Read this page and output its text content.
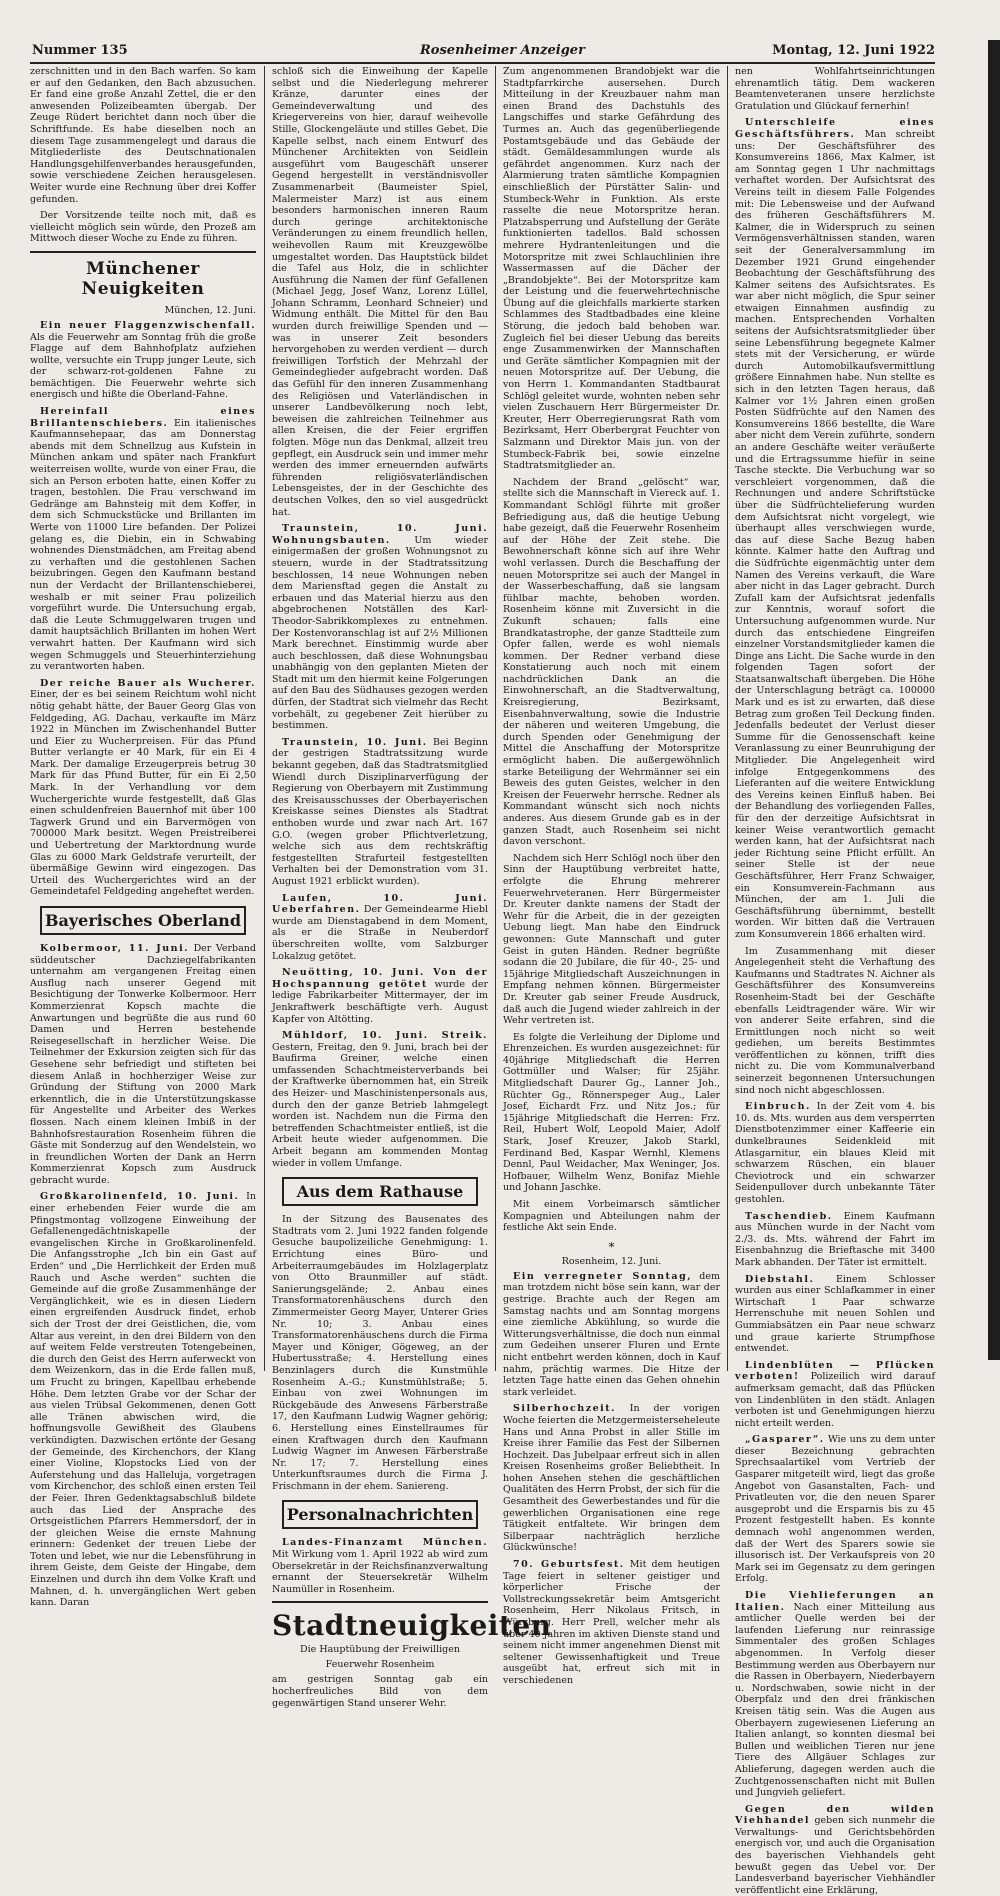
Nummer 135	Rosenheimer Anzeiger	Montag, 12. Juni 1922

zerschnitten und in den Bach warfen. So kam er auf den Gedanken, den Bach abzusuchen. Er fand eine große Anzahl Zettel, die er den anwesenden Polizeibeamten übergab. Der Zeuge Rüdert berichtet dann noch über die Schriftfunde. Es habe dieselben noch an diesem Tage zusammengelegt und daraus die Mitgliederliste des Deutschnationalen Handlungsgehilfenverbandes herausgefunden, sowie verschiedene Zeichen herausgelesen. Weiter wurde eine Rechnung über drei Koffer gefunden.

Der Vorsitzende teilte noch mit, daß es vielleicht möglich sein würde, den Prozeß am Mittwoch dieser Woche zu Ende zu führen.

Münchener Neuigkeiten
München, 12. Juni.

Ein neuer Flaggenzwischenfall. Als die Feuerwehr am Sonntag früh die große Flagge auf dem Bahnhofplatz aufziehen wollte, versuchte ein Trupp junger Leute, sich der schwarz-rot-goldenen Fahne zu bemächtigen. Die Feuerwehr wehrte sich energisch und hißte die Oberland-Fahne.

Hereinfall eines Brillantenschiebers. Ein italienisches Kaufmannsehepaar, das am Donnerstag abends mit dem Schnellzug aus Kufstein in München ankam und später nach Frankfurt weiterreisen wollte, wurde von einer Frau, die sich an Person erboten hatte, einen Koffer zu tragen, bestohlen. Die Frau verschwand im Gedränge am Bahnsteig mit dem Koffer, in dem sich Schmuckstücke und Brillanten im Werte von 11000 Lire befanden. Der Polizei gelang es, die Diebin, ein in Schwabing wohnendes Dienstmädchen, am Freitag abend zu verhaften und die gestohlenen Sachen beizubringen. Gegen den Kaufmann bestand nun der Verdacht der Brillantenschieberei, weshalb er mit seiner Frau polizeilich vorgeführt wurde. Die Untersuchung ergab, daß die Leute Schmuggelwaren trugen und damit hauptsächlich Brillanten im hohen Wert verwahrt hatten. Der Kaufmann wird sich wegen Schmuggels und Steuerhinterziehung zu verantworten haben.

Der reiche Bauer als Wucherer. Einer, der es bei seinem Reichtum wohl nicht nötig gehabt hätte, der Bauer Georg Glas von Feldgeding, AG. Dachau, verkaufte im März 1922 in München im Zwischenhandel Butter und Eier zu Wucherpreisen. Für das Pfund Butter verlangte er 40 Mark, für ein Ei 4 Mark. Der damalige Erzeugerpreis betrug 30 Mark für das Pfund Butter, für ein Ei 2,50 Mark. In der Verhandlung vor dem Wuchergerichte wurde festgestellt, daß Glas einen schuldenfreien Bauernhof mit über 100 Tagwerk Grund und ein Barvermögen von 700000 Mark besitzt. Wegen Preistreiberei und Uebertretung der Marktordnung wurde Glas zu 6000 Mark Geldstrafe verurteilt, der übermäßige Gewinn wird eingezogen. Das Urteil des Wuchergerichtes wird an der Gemeindetafel Feldgeding angeheftet werden.

Bayerisches Oberland

Kolbermoor, 11. Juni. Der Verband süddeutscher Dachziegelfabrikanten unternahm am vergangenen Freitag einen Ausflug nach unserer Gegend mit Besichtigung der Tonwerke Kolbermoor. Herr Kommerzienrat Kopsch machte die Anwartungen und begrüßte die aus rund 60 Damen und Herren bestehende Reisegesellschaft in herzlicher Weise. Die Teilnehmer der Exkursion zeigten sich für das Gesehene sehr befriedigt und stifteten bei diesem Anlaß in hochherziger Weise zur Gründung der Stiftung von 2000 Mark erkenntlich, die in die Unterstützungskasse für Angestellte und Arbeiter des Werkes flossen. Nach einem kleinen Imbiß in der Bahnhofsrestauration Rosenheim führen die Gäste mit Sonderzug auf den Wendelstein, wo in freundlichen Worten der Dank an Herrn Kommerzienrat Kopsch zum Ausdruck gebracht wurde.

Großkarolinenfeld, 10. Juni. In einer erhebenden Feier wurde die am Pfingstmontag vollzogene Einweihung der Gefallenengedächtniskapelle der evangelischen Kirche in Großkarolinenfeld. Die Anfangsstrophe „Ich bin ein Gast auf Erden“ und „Die Herrlichkeit der Erden muß Rauch und Asche werden“ suchten die Gemeinde auf die große Zusammenhänge der Vergänglichkeit, wie es in diesen Liedern einen ergreifenden Ausdruck findet, erhob sich der Trost der drei Geistlichen, die, vom Altar aus vereint, in den drei Bildern von den auf weitem Felde verstreuten Totengebeinen, die durch den Geist des Herrn auferweckt von dem Weizenkorn, das in die Erde fallen muß, um Frucht zu bringen, Kapellbau erhebende Höhe. Dem letzten Grabe vor der Schar der aus vielen Trübsal Gekommenen, denen Gott alle Tränen abwischen wird, die hoffnungsvolle Gewißheit des Glaubens verkündigten. Dazwischen ertönte der Gesang der Gemeinde, des Kirchenchors, der Klang einer Violine, Klopstocks Lied von der Auferstehung und das Halleluja, vorgetragen vom Kirchenchor, des schloß einen ersten Teil der Feier. Ihren Gedenktagsabschluß bildete auch das Lied der Ansprache des Ortsgeistlichen Pfarrers Hemmersdorf, der in der gleichen Weise die ernste Mahnung erinnern: Gedenket der treuen Liebe der Toten und lebet, wie nur die Lebensführung in ihrem Geiste, dem Geiste der Hingabe, dem Einzelnen und durch ihn dem Volke Kraft und Mahnen, d. h. unvergänglichen Wert geben kann. Daran

schloß sich die Einweihung der Kapelle selbst und die Niederlegung mehrerer Kränze, darunter eines der Gemeindeverwaltung und des Kriegervereins von hier, darauf weihevolle Stille, Glockengeläute und stilles Gebet. Die Kapelle selbst, nach einem Entwurf des Münchener Architekten von Seidlein ausgeführt vom Baugeschäft unserer Gegend hergestellt in verständnisvoller Zusammenarbeit (Baumeister Spiel, Malermeister Marz) ist aus einem besonders harmonischen inneren Raum durch geringe architektonische Veränderungen zu einem freundlich hellen, weihevollen Raum mit Kreuzgewölbe umgestaltet worden. Das Hauptstück bildet die Tafel aus Holz, die in schlichter Ausführung die Namen der fünf Gefallenen (Michael Jegg, Josef Wanz, Lorenz Lüllel, Johann Schramm, Leonhard Schneier) und Widmung enthält. Die Mittel für den Bau wurden durch freiwillige Spenden und — was in unserer Zeit besonders hervorgehoben zu werden verdient — durch freiwilligen Torfstich der Mehrzahl der Gemeindeglieder aufgebracht worden. Daß das Gefühl für den inneren Zusammenhang des Religiösen und Vaterländischen in unserer Landbevölkerung noch lebt, beweisen die zahlreichen Teilnehmer aus allen Kreisen, die der Feier ergriffen folgten. Möge nun das Denkmal, allzeit treu gepflegt, ein Ausdruck sein und immer mehr werden des immer erneuernden aufwärts führenden religiösvaterländischen Lebensgeistes, der in der Geschichte des deutschen Volkes, den so viel ausgedrückt hat.

Traunstein, 10. Juni. Wohnungsbauten. Um wieder einigermaßen der großen Wohnungsnot zu steuern, wurde in der Stadtratssitzung beschlossen, 14 neue Wohnungen neben dem Mariensftad gegen die Anstalt zu erbauen und das Material hierzu aus den abgebrochenen Notställen des Karl-Theodor-Sabrikkomplexes zu entnehmen. Der Kostenvoranschlag ist auf 2½ Millionen Mark berechnet. Einstimmig wurde aber auch beschlossen, daß diese Wohnungsbau unabhängig von den geplanten Mieten der Stadt mit um den hiermit keine Folgerungen auf den Bau des Südhauses gezogen werden dürfen, der Stadtrat sich vielmehr das Recht vorbehält, zu gegebener Zeit hierüber zu bestimmen.

Traunstein, 10. Juni. Bei Beginn der gestrigen Stadtratssitzung wurde bekannt gegeben, daß das Stadtratsmitglied Wiendl durch Disziplinarverfügung der Regierung von Oberbayern mit Zustimmung des Kreisausschusses der Oberbayerischen Kreiskasse seines Dienstes als Stadtrat enthoben wurde und zwar nach Art. 167 G.O. (wegen grober Pflichtverletzung, welche sich aus dem rechtskräftig festgestellten Strafurteil festgestellten Verhalten bei der Demonstration vom 31. August 1921 erblickt wurden).

Laufen, 10. Juni. Ueberfahren. Der Gemeindearme Hiebl wurde am Dienstagabend in dem Moment, als er die Straße in Neuberdorf überschreiten wollte, vom Salzburger Lokalzug getötet.

Neuötting, 10. Juni. Von der Hochspannung getötet wurde der ledige Fabrikarbeiter Mittermayer, der im Jenkraftwerk beschäftigte verh. August Kapfer von Altötting.

Mühldorf, 10. Juni. Streik. Gestern, Freitag, den 9. Juni, brach bei der Baufirma Greiner, welche einen umfassenden Schachtmeisterverbands bei der Kraftwerke übernommen hat, ein Streik des Heizer- und Maschinistenpersonals aus, durch den der ganze Betrieb lahmgelegt worden ist. Nachdem nun die Firma den betreffenden Schachtmeister entließ, ist die Arbeit heute wieder aufgenommen. Die Arbeit begann am kommenden Montag wieder in vollem Umfange.

Aus dem Rathause

In der Sitzung des Bausenates des Stadtrats vom 2. Juni 1922 fanden folgende Gesuche baupolizeiliche Genehmigung: 1. Errichtung eines Büro- und Arbeiterraumgebäudes im Holzlagerplatz von Otto Braunmiller auf städt. Sanierungsgelände; 2. Anbau eines Transformatorenhäuschens durch den Zimmermeister Georg Mayer, Unterer Gries Nr. 10; 3. Anbau eines Transformatorenhäuschens durch die Firma Mayer und Königer, Gögeweg, an der Hubertusstraße; 4. Herstellung eines Benzinlagers durch die Kunstmühle Rosenheim A.-G.; Kunstmühlstraße; 5. Einbau von zwei Wohnungen im Rückgebäude des Anwesens Färberstraße 17, den Kaufmann Ludwig Wagner gehörig; 6. Herstellung eines Einstellraumes für einen Kraftwagen durch den Kaufmann Ludwig Wagner im Anwesen Färberstraße Nr. 17; 7. Herstellung eines Unterkunftsraumes durch die Firma J. Frischmann in der ehem. Saniereng.

Personalnachrichten

Landes-Finanzamt München. Mit Wirkung vom 1. April 1922 ab wird zum Obersekretär in der Reichsfinanzverwaltung ernannt der Steuersekretär Wilhelm Naumüller in Rosenheim.

Stadtneuigkeiten
Die Hauptübung der Freiwilligen
Feuerwehr Rosenheim

am gestrigen Sonntag gab ein hocherfreuliches Bild von dem gegenwärtigen Stand unserer Wehr.

Zum angenommenen Brandobjekt war die Stadtpfarrkirche ausersehen. Durch Mitteilung in der Kreuzbauer nahm man einen Brand des Dachstuhls des Langschiffes und starke Gefährdung des Turmes an. Auch das gegenüberliegende Postamtsgebäude und das Gebäude der städt. Gemäldesammlungen wurde als gefährdet angenommen. Kurz nach der Alarmierung traten sämtliche Kompagnien einschließlich der Pürstätter Salin- und Stumbeck-Wehr in Funktion. Als erste rasselte die neue Motorspritze heran. Platzabsperrung und Aufstellung der Geräte funktionierten tadellos. Bald schossen mehrere Hydrantenleitungen und die Motorspritze mit zwei Schlauchlinien ihre Wassermassen auf die Dächer der „Brandobjekte“. Bei der Motorspritze kam der Leistung und die feuerwehrtechnische Übung auf die gleichfalls markierte starken Schlammes des Stadtbadbades eine kleine Störung, die jedoch bald behoben war. Zugleich fiel bei dieser Uebung das bereits enge Zusammenwirken der Mannschaften und Geräte sämtlicher Kompagnien mit der neuen Motorspritze auf. Der Uebung, die von Herrn 1. Kommandanten Stadtbaurat Schlögl geleitet wurde, wohnten neben sehr vielen Zuschauern Herr Bürgermeister Dr. Kreuter, Herr Oberregierungsrat Rath vom Bezirksamt, Herr Oberbergrat Feuchter von Salzmann und Direktor Mais jun. von der Stumbeck-Fabrik bei, sowie einzelne Stadtratsmitglieder an.

Nachdem der Brand „gelöscht“ war, stellte sich die Mannschaft in Viereck auf. 1. Kommandant Schlögl führte mit großer Befriedigung aus, daß die heutige Uebung habe gezeigt, daß die Feuerwehr Rosenheim auf der Höhe der Zeit stehe. Die Bewohnerschaft könne sich auf ihre Wehr wohl verlassen. Durch die Beschaffung der neuen Motorspritze sei auch der Mangel in der Wasserbeschaffung, daß sie langsam fühlbar machte, behoben worden. Rosenheim könne mit Zuversicht in die Zukunft schauen; falls eine Brandkatastrophe, der ganze Stadtteile zum Opfer fallen, werde es wohl niemals kommen. Der Redner verband diese Konstatierung auch noch mit einem nachdrücklichen Dank an die Einwohnerschaft, an die Stadtverwaltung, Kreisregierung, Bezirksamt, Eisenbahnverwaltung, sowie die Industrie der näheren und weiteren Umgebung, die durch Spenden oder Genehmigung der Mittel die Anschaffung der Motorspritze ermöglicht haben. Die außergewöhnlich starke Beteiligung der Wehrmänner sei ein Beweis des guten Geistes, welcher in den Kreisen der Feuerwehr herrsche. Redner als Kommandant wünscht sich noch nichts anderes. Aus diesem Grunde gab es in der ganzen Stadt, auch Rosenheim sei nicht davon verschont.

Nachdem sich Herr Schlögl noch über den Sinn der Hauptübung verbreitet hatte, erfolgte die Ehrung mehrerer Feuerwehrveteranen. Herr Bürgermeister Dr. Kreuter dankte namens der Stadt der Wehr für die Arbeit, die in der gezeigten Uebung liegt. Man habe den Eindruck gewonnen: Gute Mannschaft und guter Geist in guten Händen. Redner begrüßte sodann die 20 Jubilare, die für 40-, 25- und 15jährige Mitgliedschaft Auszeichnungen in Empfang nehmen können. Bürgermeister Dr. Kreuter gab seiner Freude Ausdruck, daß auch die Jugend wieder zahlreich in der Wehr vertreten ist.

Es folgte die Verleihung der Diplome und Ehrenzeichen. Es wurden ausgezeichnet: für 40jährige Mitgliedschaft die Herren Gottmüller und Walser; für 25jähr. Mitgliedschaft Daurer Gg., Lanner Joh., Rüchter Gg., Rönnerspeger Aug., Laler Josef, Eichardt Frz. und Nitz Jos.; für 15jährige Mitgliedschaft die Herren: Frz. Reil, Hubert Wolf, Leopold Maier, Adolf Stark, Josef Kreuzer, Jakob Starkl, Ferdinand Bed, Kaspar Wernhl, Klemens Dennl, Paul Weidacher, Max Weninger, Jos. Hofbauer, Wilhelm Wenz, Bonifaz Miehle und Johann Jaschke.

Mit einem Vorbeimarsch sämtlicher Kompagnien und Abteilungen nahm der festliche Akt sein Ende.

*
Rosenheim, 12. Juni.

Ein verregneter Sonntag, dem man trotzdem nicht böse sein kann, war der gestrige. Brachte auch der Regen am Samstag nachts und am Sonntag morgens eine ziemliche Abkühlung, so wurde die Witterungsverhältnisse, die doch nun einmal zum Gedeihen unserer Fluren und Ernte nicht entbehrt werden können, doch in Kauf nahm, prächtig warmes. Die Hitze der letzten Tage hatte einen das Gehen ohnehin stark verleidet.

Silberhochzeit. In der vorigen Woche feierten die Metzgermeisterseheleute Hans und Anna Probst in aller Stille im Kreise ihrer Familie das Fest der Silbernen Hochzeit. Das Jubelpaar erfreut sich in allen Kreisen Rosenheims großer Beliebtheit. In hohen Ansehen stehen die geschäftlichen Qualitäten des Herrn Probst, der sich für die Gesamtheit des Gewerbestandes und für die gewerblichen Organisationen eine rege Tätigkeit entfaltete. Wir bringen dem Silberpaar nachträglich herzliche Glückwünsche!

70. Geburtsfest. Mit dem heutigen Tage feiert in seltener geistiger und körperlicher Frische der Vollstreckungssekretär beim Amtsgericht Rosenheim, Herr Nikolaus Fritsch, in Würzburg. Herr Prell, welcher mehr als über 40 Jahren im aktiven Dienste stand und seinem nicht immer angenehmen Dienst mit seltener Gewissenhaftigkeit und Treue ausgeübt hat, erfreut sich mit in verschiedenen

nen Wohlfahrtseinrichtungen ehrenamtlich tätig. Dem wackeren Beamtenveteranen unsere herzlichste Gratulation und Glückauf fernerhin!

Unterschleife eines Geschäftsführers. Man schreibt uns: Der Geschäftsführer des Konsumvereins 1866, Max Kalmer, ist am Sonntag gegen 1 Uhr nachmittags verhaftet worden. Der Aufsichtsrat des Vereins teilt in diesem Falle Folgendes mit: Die Lebensweise und der Aufwand des früheren Geschäftsführers M. Kalmer, die in Widerspruch zu seinen Vermögensverhältnissen standen, waren seit der Generalversammlung im Dezember 1921 Grund eingehender Beobachtung der Geschäftsführung des Kalmer seitens des Aufsichtsrates. Es war aber nicht möglich, die Spur seiner etwaigen Einnahmen ausfindig zu machen. Entsprechenden Vorhalten seitens der Aufsichtsratsmitglieder über seine Lebensführung begegnete Kalmer stets mit der Versicherung, er würde durch Automobilkaufsvermittlung größere Einnahmen habe. Nun stellte es sich in den letzten Tagen heraus, daß Kalmer vor 1½ Jahren einen großen Posten Südfrüchte auf den Namen des Konsumvereins 1866 bestellte, die Ware aber nicht dem Verein zuführte, sondern an andere Geschäfte weiter veräußerte und die Ertragssumme hiefür in seine Tasche steckte. Die Verbuchung war so verschleiert vorgenommen, daß die Rechnungen und andere Schriftstücke über die Südfrüchtelieferung wurden dem Aufsichtsrat nicht vorgelegt, wie überhaupt alles verschwiegen wurde, das auf diese Sache Bezug haben könnte. Kalmer hatte den Auftrag und die Südfrüchte eigenmächtig unter dem Namen des Vereins verkauft, die Ware aber nicht in das Lager gebracht. Durch Zufall kam der Aufsichtsrat jedenfalls zur Kenntnis, worauf sofort die Untersuchung aufgenommen wurde. Nur durch das entschiedene Eingreifen einzelner Vorstandsmitglieder kamen die Dinge ans Licht. Die Sache wurde in den folgenden Tagen sofort der Staatsanwaltschaft übergeben. Die Höhe der Unterschlagung beträgt ca. 100000 Mark und es ist zu erwarten, daß diese Betrag zum großen Teil Deckung finden. Jedenfalls bedeutet der Verlust dieser Summe für die Genossenschaft keine Veranlassung zu einer Beunruhigung der Mitglieder. Die Angelegenheit wird infolge Entgegenkommens des Lieferanten auf die weitere Entwicklung des Vereins keinen Einfluß haben. Bei der Behandlung des vorliegenden Falles, für den der derzeitige Aufsichtsrat in keiner Weise verantwortlich gemacht werden kann, hat der Aufsichtsrat nach jeder Richtung seine Pflicht erfüllt. An seiner Stelle ist der neue Geschäftsführer, Herr Franz Schwaiger, ein Konsumverein-Fachmann aus München, der am 1. Juli die Geschäftsführung übernimmt, bestellt worden. Wir bitten daß die Vertrauen zum Konsumverein 1866 erhalten wird.

Im Zusammenhang mit dieser Angelegenheit steht die Verhaftung des Kaufmanns und Stadtrates N. Aichner als Geschäftsführer des Konsumvereins Rosenheim-Stadt bei der Geschäfte ebenfalls Leidtragender wäre. Wir wir von anderer Seite erfahren, sind die Ermittlungen noch nicht so weit gediehen, um bereits Bestimmtes veröffentlichen zu können, trifft dies nicht zu. Die vom Kommunalverband seinerzeit begonnenen Untersuchungen sind noch nicht abgeschlossen.

Einbruch. In der Zeit vom 4. bis 10. ds. Mts. wurden aus dem versperrten Dienstbotenzimmer einer Kaffeerie ein dunkelbraunes Seidenkleid mit Atlasgarnitur, ein blaues Kleid mit schwarzem Rüschen, ein blauer Cheviotrock und ein schwarzer Seidenpullover durch unbekannte Täter gestohlen.

Taschendieb. Einem Kaufmann aus München wurde in der Nacht vom 2./3. ds. Mts. während der Fahrt im Eisenbahnzug die Brieftasche mit 3400 Mark abhanden. Der Täter ist ermittelt.

Diebstahl. Einem Schlosser wurden aus einer Schlafkammer in einer Wirtschaft 1 Paar schwarze Herrenschuhe mit neuen Sohlen und Gummiabsätzen ein Paar neue schwarz und graue karierte Strumpfhose entwendet.

Lindenblüten — Pflücken verboten! Polizeilich wird darauf aufmerksam gemacht, daß das Pflücken von Lindenblüten in den städt. Anlagen verboten ist und Genehmigungen hierzu nicht erteilt werden.

„Gasparer“. Wie uns zu dem unter dieser Bezeichnung gebrachten Sprechsaalartikel vom Vertrieb der Gasparer mitgeteilt wird, liegt das große Angebot von Gasanstalten, Fach- und Privatleuten vor, die den neuen Sparer ausgeprobt und die Ersparnis bis zu 45 Prozent festgestellt haben. Es konnte demnach wohl angenommen werden, daß der Wert des Sparers sowie sie illusorisch ist. Der Verkaufspreis von 20 Mark sei im Gegensatz zu dem geringen Erfolg.

Die Viehlieferungen an Italien. Nach einer Mitteilung aus amtlicher Quelle werden bei der laufenden Lieferung nur reinrassige Simmentaler des großen Schlages abgenommen. In Verfolg dieser Bestimmung werden aus Oberbayern nur die Rassen in Oberbayern, Niederbayern u. Nordschwaben, sowie nicht in der Oberpfalz und den drei fränkischen Kreisen tätig sein. Was die Augen aus Oberbayern zugewiesenen Lieferung an Italien anlangt, so konnten diesmal bei Bullen und weiblichen Tieren nur jene Tiere des Allgäuer Schlages zur Ablieferung, dagegen werden auch die Zuchtgenossenschaften nicht mit Bullen und Jungvieh geliefert.

Gegen den wilden Viehhandel geben sich nunmehr die Verwaltungs- und Gerichtsbehörden energisch vor, und auch die Organisation des bayerischen Viehhandels geht bewußt gegen das Uebel vor. Der Landesverband bayerischer Viehhändler veröffentlicht eine Erklärung,
